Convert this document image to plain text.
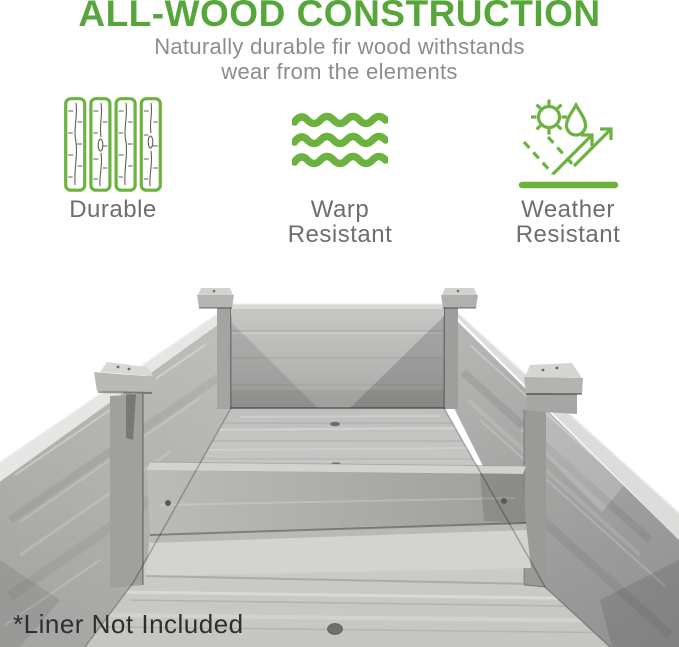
ALL-WOOD CONSTRUCTION

Naturally durable fir wood withstands

wear from the elements

Durable	Warp Resistant
Weather Resistant
*Liner Not Included
